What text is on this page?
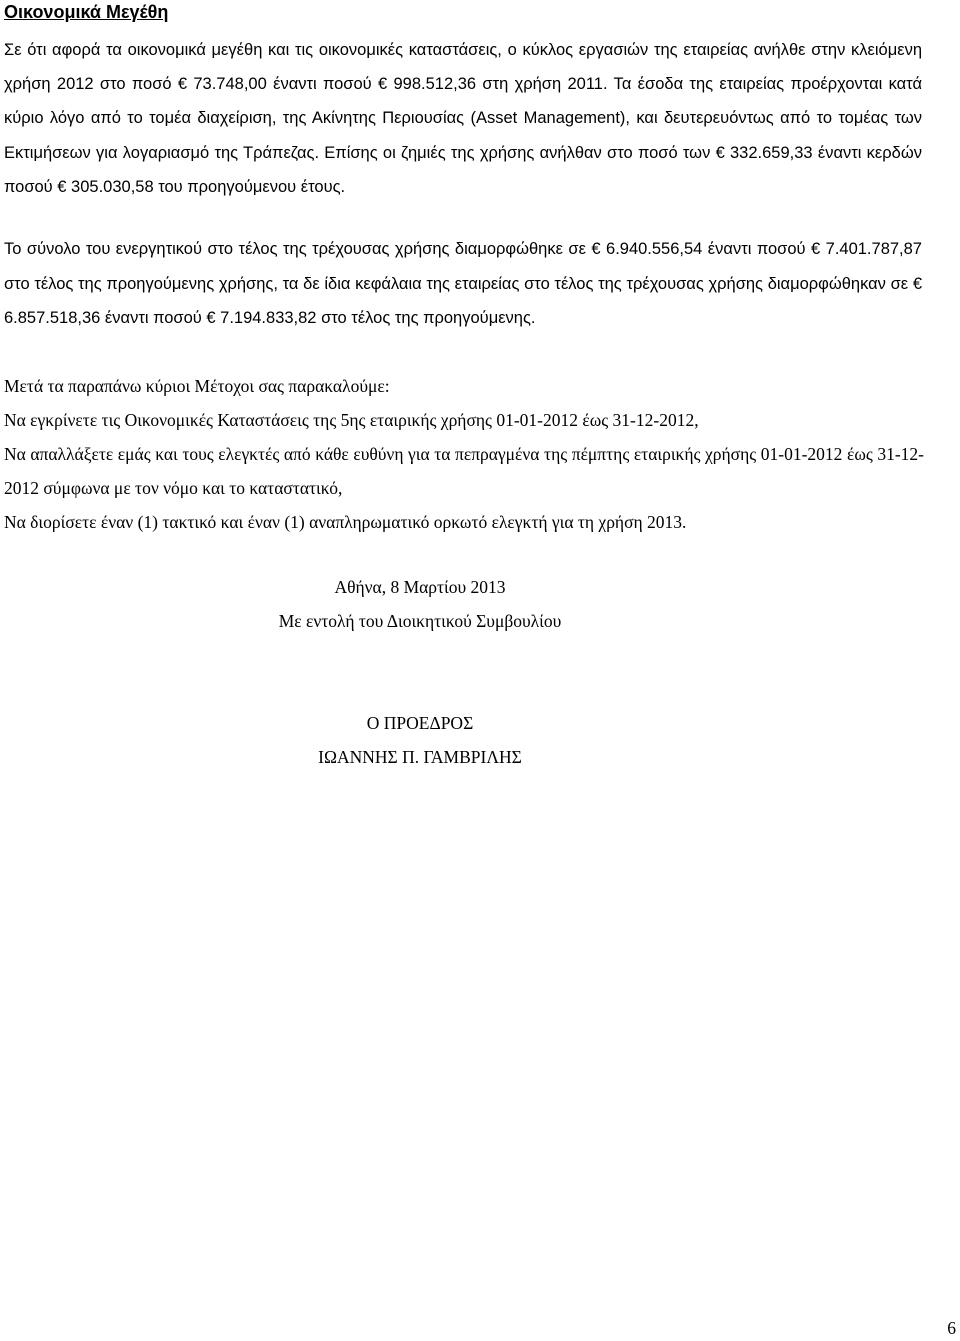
Οικονομικά Μεγέθη
Σε ότι αφορά τα οικονομικά μεγέθη και τις οικονομικές καταστάσεις, ο κύκλος εργασιών της εταιρείας ανήλθε στην κλειόμενη χρήση 2012 στο ποσό € 73.748,00 έναντι ποσού € 998.512,36 στη χρήση 2011. Τα έσοδα της εταιρείας προέρχονται κατά κύριο λόγο από το τομέα διαχείριση, της Ακίνητης Περιουσίας (Asset Management), και δευτερευόντως από το τομέας των Εκτιμήσεων για λογαριασμό της Τράπεζας. Επίσης οι ζημιές της χρήσης ανήλθαν στο ποσό των € 332.659,33 έναντι κερδών ποσού € 305.030,58 του προηγούμενου έτους.
Το σύνολο του ενεργητικού στο τέλος της τρέχουσας χρήσης διαμορφώθηκε σε € 6.940.556,54 έναντι ποσού € 7.401.787,87 στο τέλος της προηγούμενης χρήσης, τα δε ίδια κεφάλαια της εταιρείας στο τέλος της τρέχουσας χρήσης διαμορφώθηκαν σε € 6.857.518,36 έναντι ποσού € 7.194.833,82 στο τέλος της προηγούμενης.
Μετά τα παραπάνω κύριοι Μέτοχοι σας παρακαλούμε:
Να εγκρίνετε τις Οικονομικές Καταστάσεις της 5ης εταιρικής χρήσης 01-01-2012 έως 31-12-2012,
Να απαλλάξετε εμάς και τους ελεγκτές από κάθε ευθύνη για τα πεπραγμένα της πέμπτης εταιρικής χρήσης 01-01-2012 έως 31-12-2012 σύμφωνα με τον νόμο και το καταστατικό,
Να διορίσετε έναν (1) τακτικό και έναν (1) αναπληρωματικό ορκωτό ελεγκτή για τη χρήση 2013.
Αθήνα, 8 Μαρτίου 2013
Με εντολή του Διοικητικού Συμβουλίου
Ο ΠΡΟΕΔΡΟΣ
ΙΩΑΝΝΗΣ Π. ΓΑΜΒΡΙΛΗΣ
6
